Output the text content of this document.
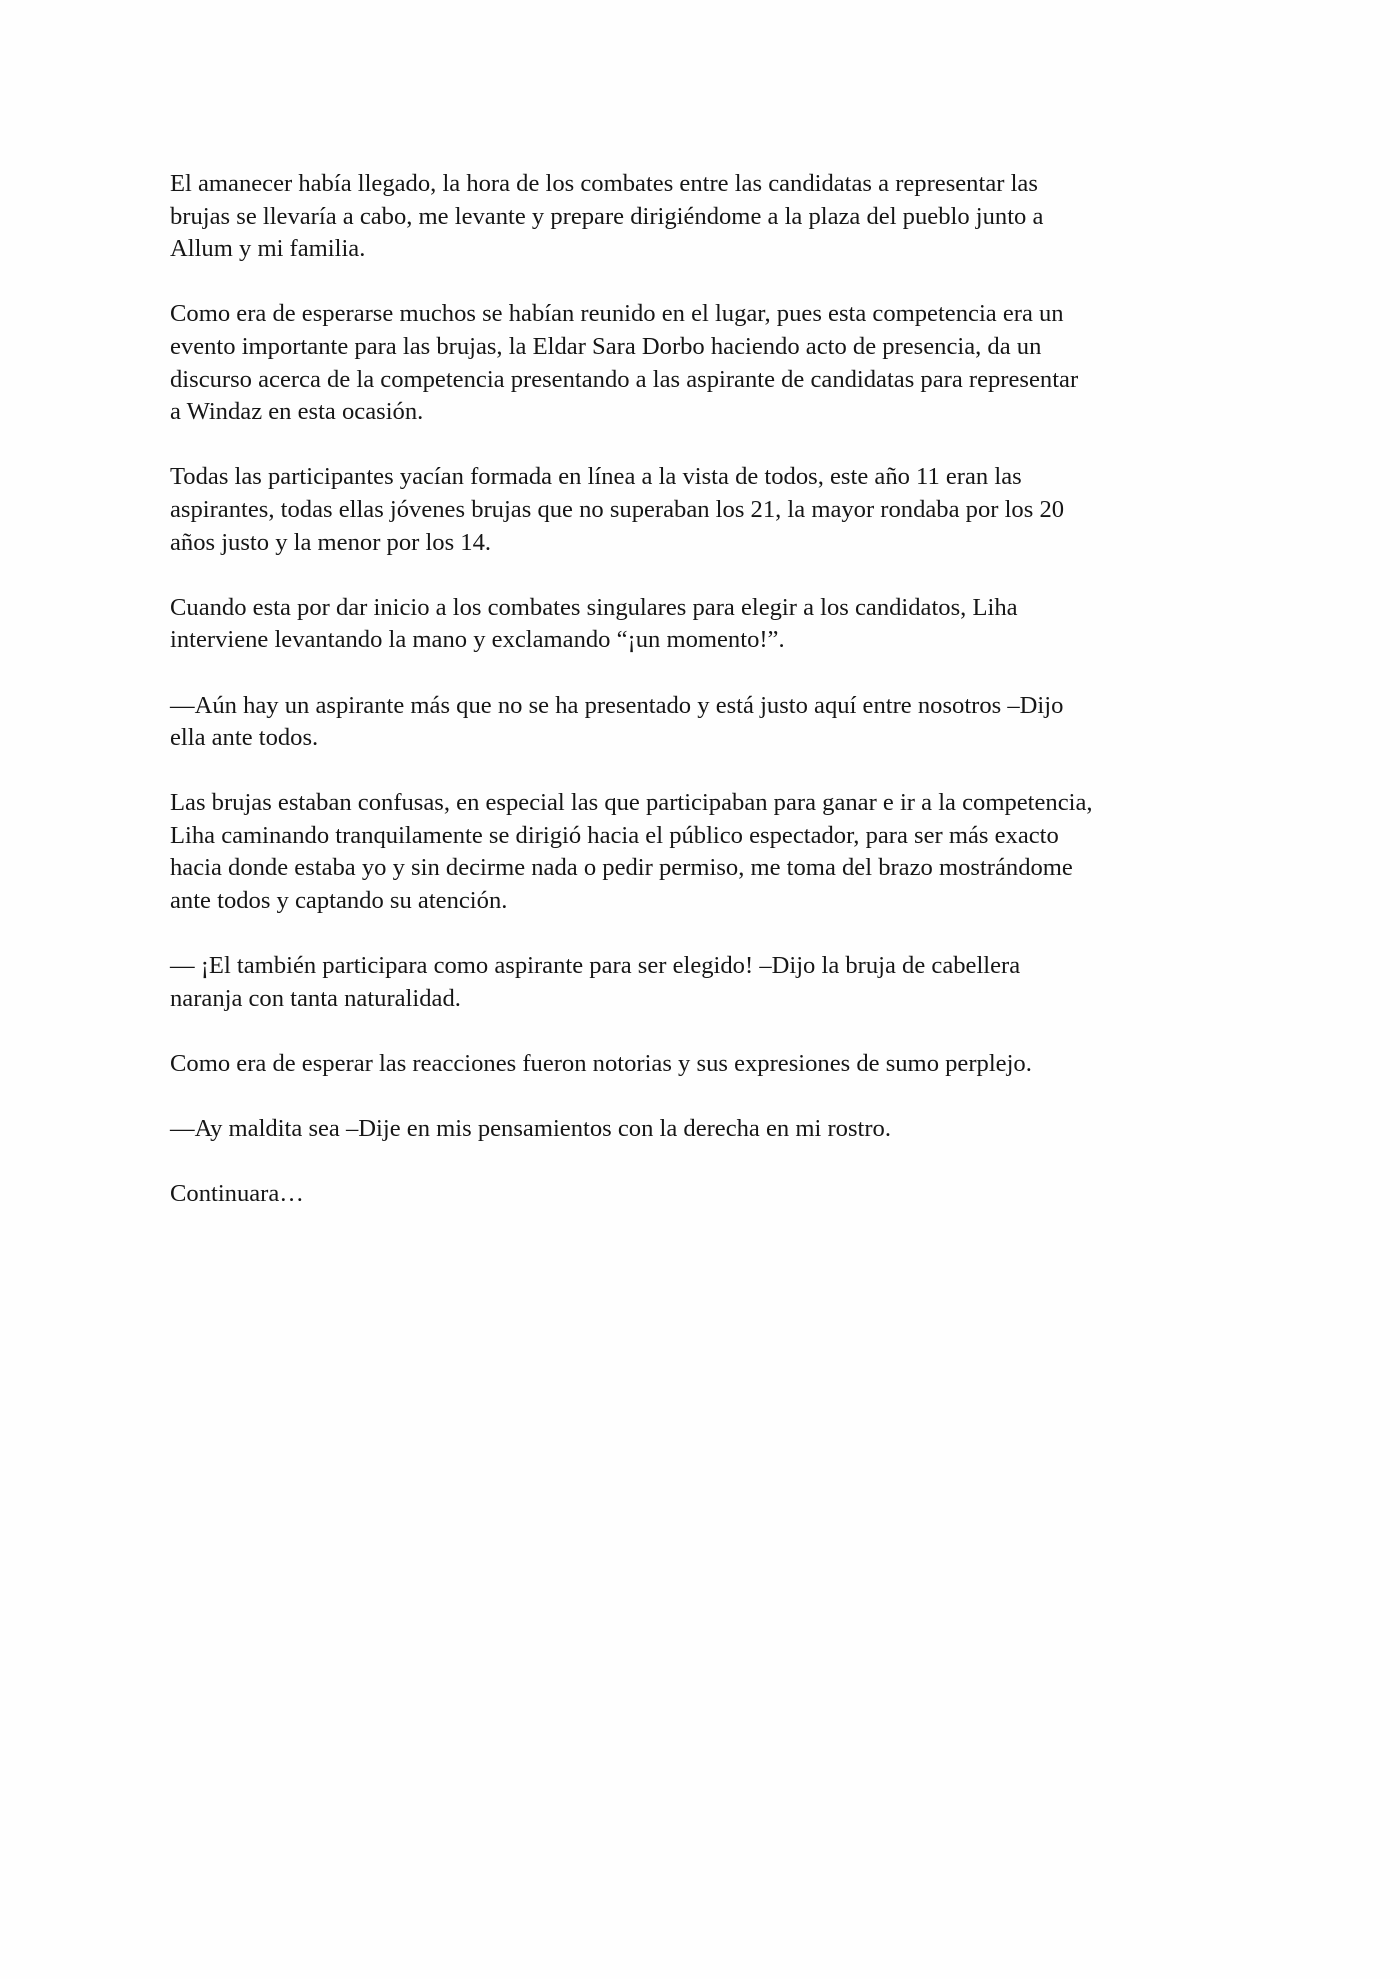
El amanecer había llegado, la hora de los combates entre las candidatas a representar las
brujas se llevaría a cabo, me levante y prepare dirigiéndome a la plaza del pueblo junto a
Allum y mi familia.

Como era de esperarse muchos se habían reunido en el lugar, pues esta competencia era un
evento importante para las brujas, la Eldar Sara Dorbo haciendo acto de presencia, da un
discurso acerca de la competencia presentando a las aspirante de candidatas para representar
a Windaz en esta ocasión.

Todas las participantes yacían formada en línea a la vista de todos, este año 11 eran las
aspirantes, todas ellas jóvenes brujas que no superaban los 21, la mayor rondaba por los 20
años justo y la menor por los 14.

Cuando esta por dar inicio a los combates singulares para elegir a los candidatos, Liha
interviene levantando la mano y exclamando “¡un momento!”.

—Aún hay un aspirante más que no se ha presentado y está justo aquí entre nosotros –Dijo
ella ante todos.

Las brujas estaban confusas, en especial las que participaban para ganar e ir a la competencia,
Liha caminando tranquilamente se dirigió hacia el público espectador, para ser más exacto
hacia donde estaba yo y sin decirme nada o pedir permiso, me toma del brazo mostrándome
ante todos y captando su atención.

— ¡El también participara como aspirante para ser elegido! –Dijo la bruja de cabellera
naranja con tanta naturalidad.

Como era de esperar las reacciones fueron notorias y sus expresiones de sumo perplejo.

—Ay maldita sea –Dije en mis pensamientos con la derecha en mi rostro.

Continuara…
